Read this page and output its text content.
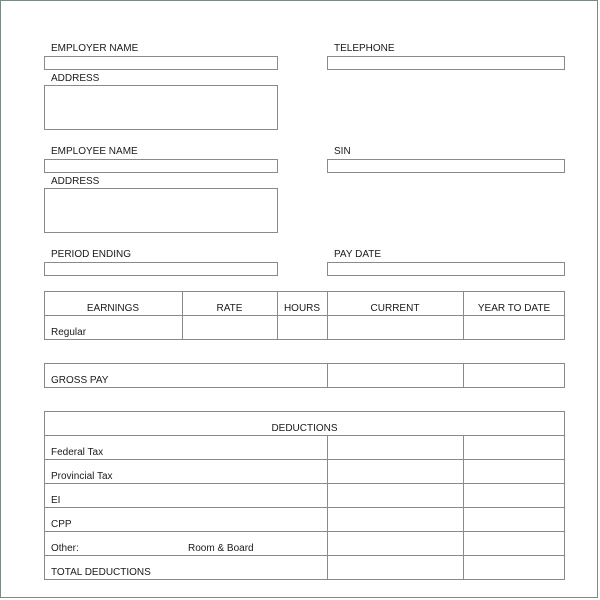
EMPLOYER NAME	TELEPHONE
ADDRESS
EMPLOYEE NAME	SIN
ADDRESS
PERIOD ENDING	PAY DATE
EARNINGS	RATE	HOURS	CURRENT	YEAR TO DATE
Regular
GROSS PAY
DEDUCTIONS
Federal Tax
Provincial Tax
EI
CPP
Other:	Room & Board
TOTAL DEDUCTIONS
